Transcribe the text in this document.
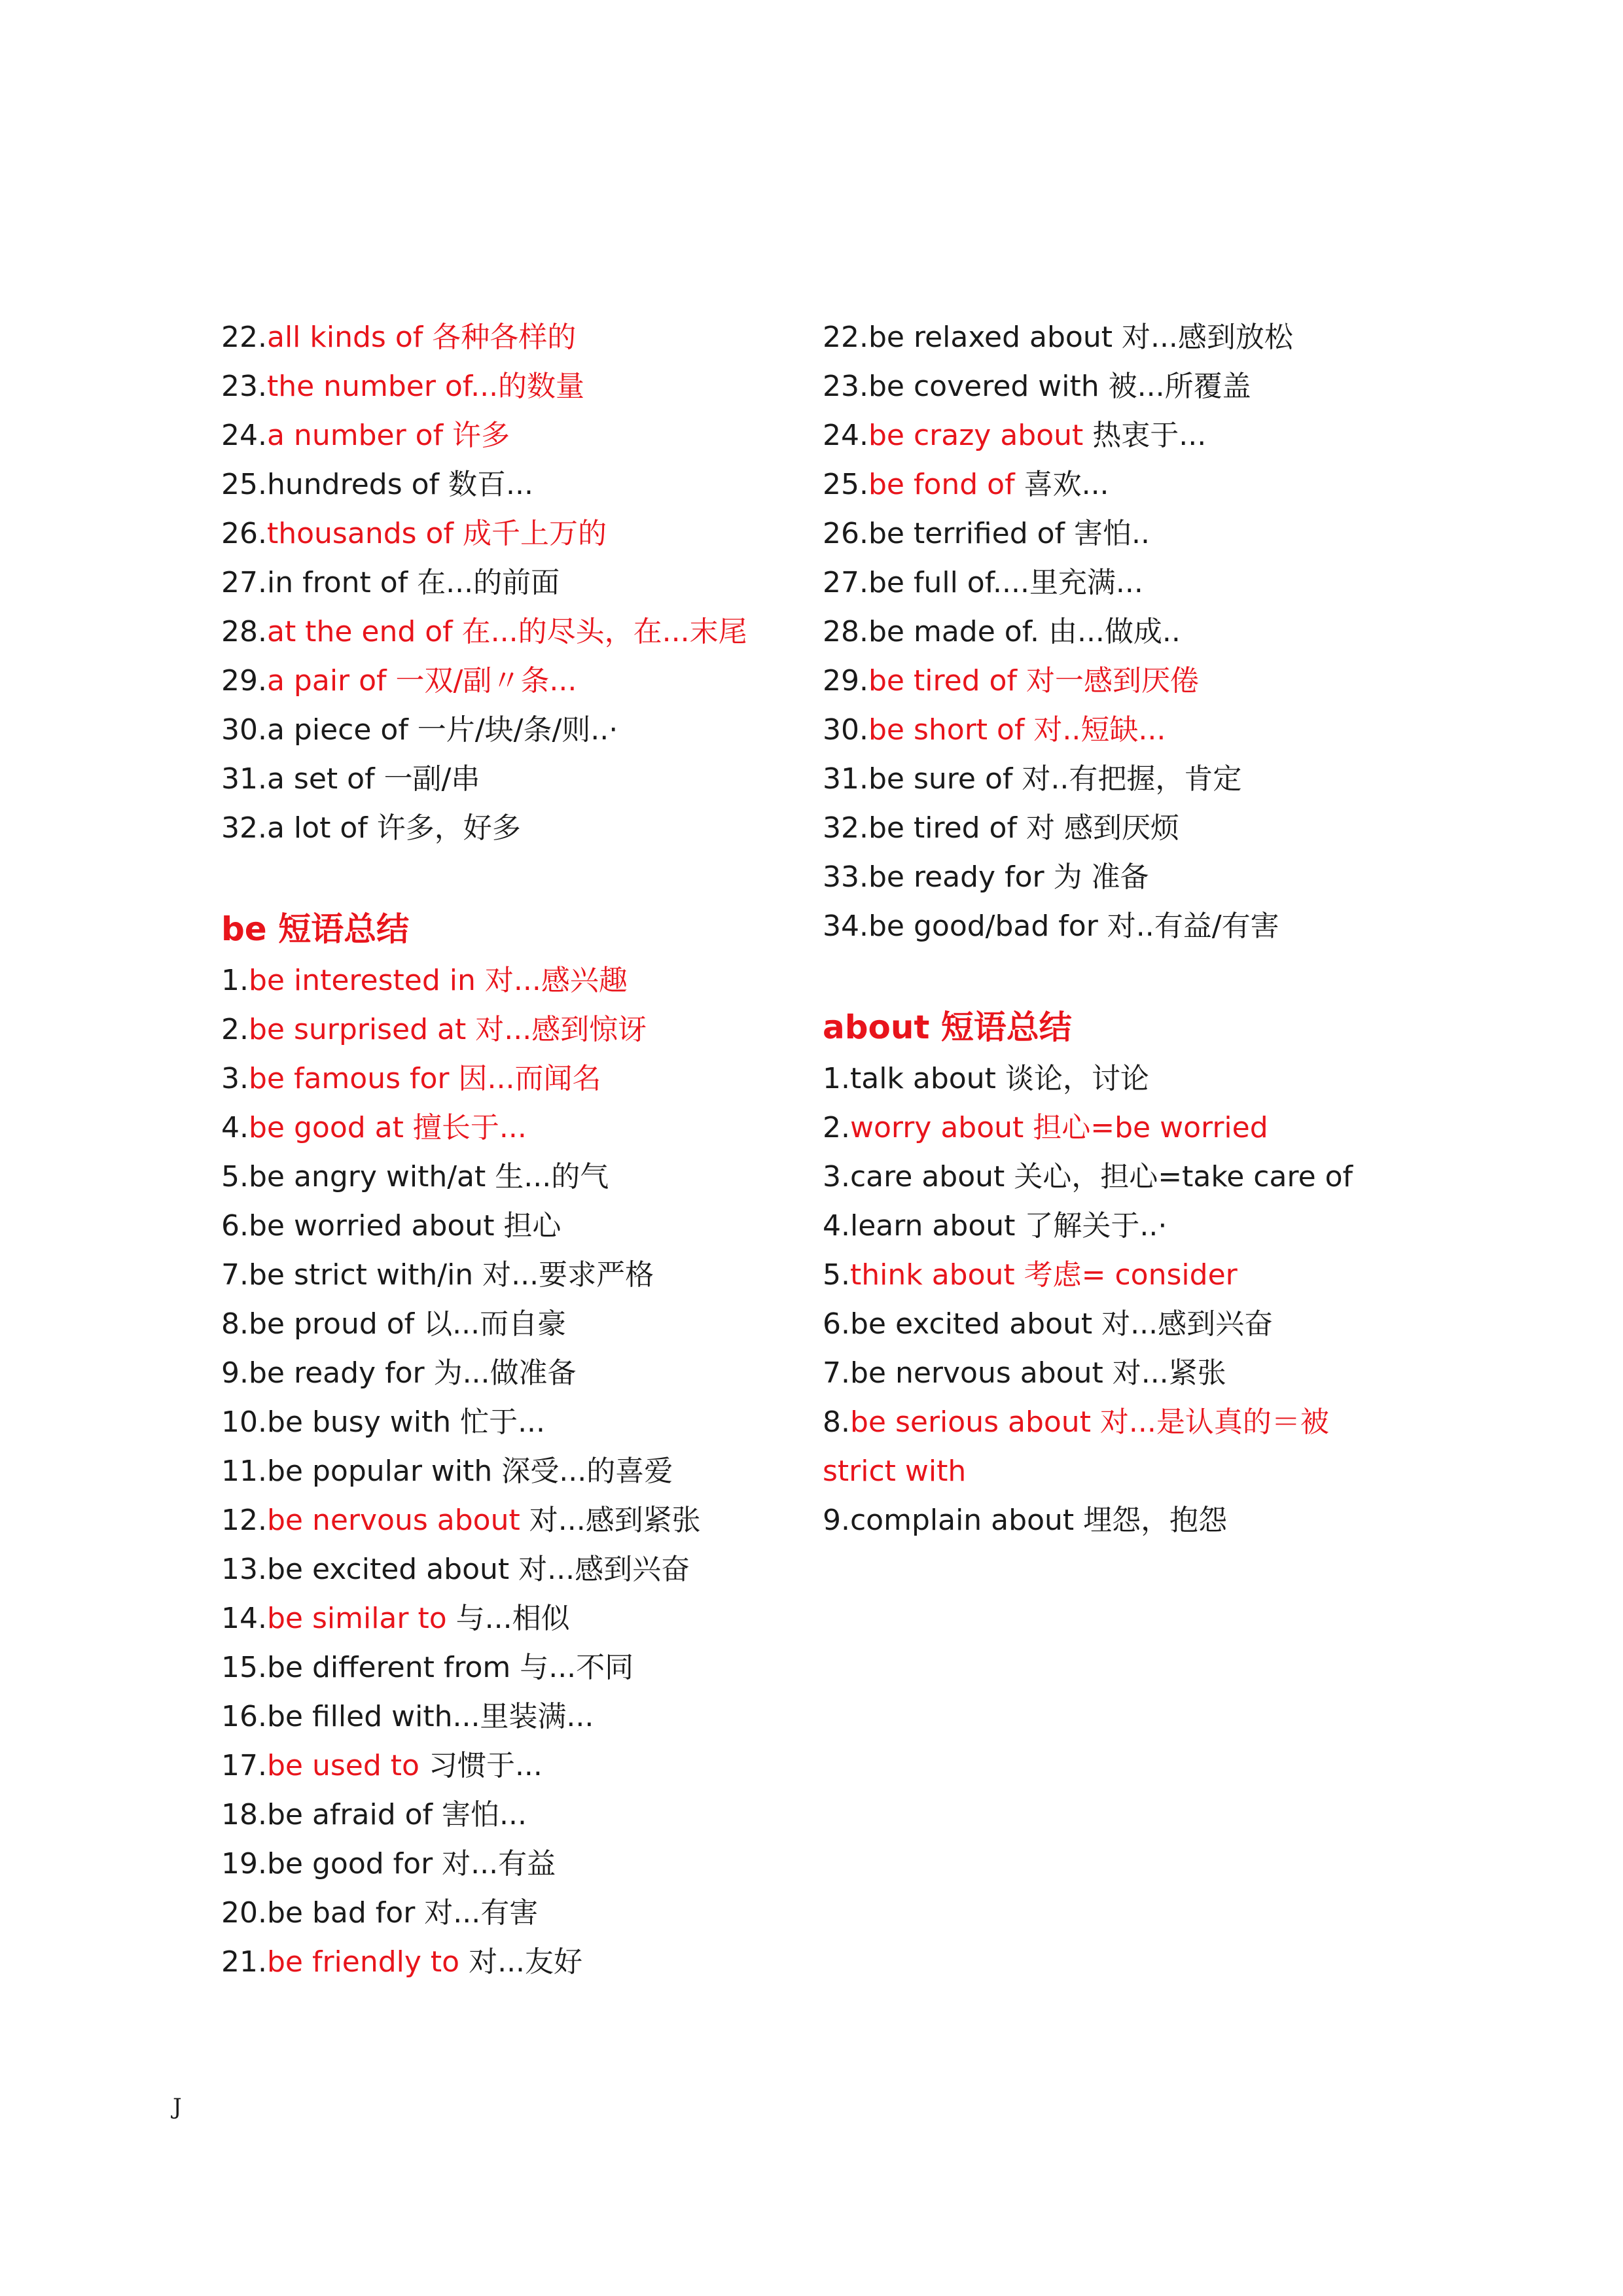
22.all kinds of 各种各样的
23.the number of...的数量
24.a number of 许多
25.hundreds of 数百...
26.thousands of 成千上万的
27.in front of 在...的前面
28.at the end of 在...的尽头，在...末尾
29.a pair of 一双/副〃条...
30.a piece of 一片/块/条/则..·
31.a set of 一副/串
32.a lot of 许多，好多
be 短语总结
1.be interested in 对...感兴趣
2.be surprised at 对...感到惊讶
3.be famous for 因...而闻名
4.be good at 擅长于...
5.be angry with/at 生...的气
6.be worried about 担心
7.be strict with/in 对...要求严格
8.be proud of 以...而自豪
9.be ready for 为...做准备
10.be busy with 忙于...
11.be popular with 深受...的喜爱
12.be nervous about 对...感到紧张
13.be excited about 对...感到兴奋
14.be similar to 与...相似
15.be different from 与...不同
16.be filled with...里装满...
17.be used to 习惯于...
18.be afraid of 害怕...
19.be good for 对...有益
20.be bad for 对...有害
21.be friendly to 对...友好
22.be relaxed about 对...感到放松
23.be covered with 被...所覆盖
24.be crazy about 热衷于...
25.be fond of 喜欢...
26.be terrified of 害怕..
27.be full of....里充满...
28.be made of. 由...做成..
29.be tired of 对一感到厌倦
30.be short of 对..短缺...
31.be sure of 对..有把握，肯定
32.be tired of 对 感到厌烦
33.be ready for 为 准备
34.be good/bad for 对..有益/有害
about 短语总结
1.talk about 谈论，讨论
2.worry about 担心=be worried
3.care about 关心，担心=take care of
4.learn about 了解关于..·
5.think about 考虑= consider
6.be excited about 对...感到兴奋
7.be nervous about 对...紧张
8.be serious about 对...是认真的＝被
strict with
9.complain about 埋怨，抱怨
J
